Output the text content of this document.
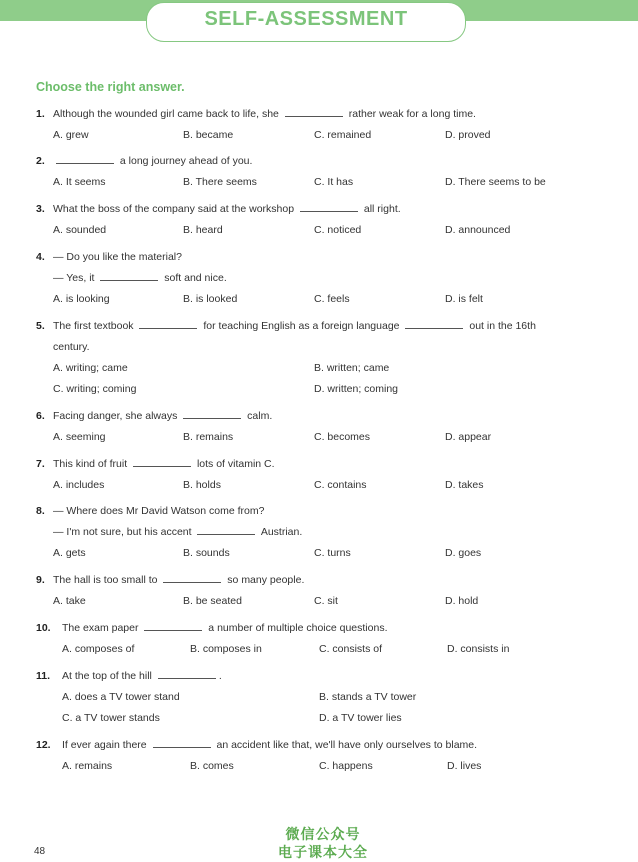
SELF-ASSESSMENT
Choose the right answer.
1. Although the wounded girl came back to life, she	rather weak for a long time.
A. grew	B. became	C. remained	D. proved
2.	a long journey ahead of you.
A. It seems	B. There seems	C. It has	D. There seems to be
3. What the boss of the company said at the workshop	all right.
A. sounded	B. heard	C. noticed	D. announced
4. — Do you like the material?
— Yes, it	soft and nice.
A. is looking	B. is looked	C. feels	D. is felt
5. The first textbook	for teaching English as a foreign language	out in the 16th
century.
A. writing; came	B. written; came
C. writing; coming	D. written; coming
6. Facing danger, she always	calm.
A. seeming	B. remains	C. becomes	D. appear
7. This kind of fruit	lots of vitamin C.
A. includes	B. holds	C. contains	D. takes
8. — Where does Mr David Watson come from?
— I'm not sure, but his accent	Austrian.
A. gets	B. sounds	C. turns	D. goes
9. The hall is too small to	so many people.
A. take	B. be seated	C. sit	D. hold
10. The exam paper	a number of multiple choice questions.
A. composes of	B. composes in	C. consists of	D. consists in
11. At the top of the hill	.
A. does a TV tower stand	B. stands a TV tower
C. a TV tower stands	D. a TV tower lies
12. If ever again there	an accident like that, we'll have only ourselves to blame.
A. remains	B. comes	C. happens	D. lives
48
微信公众号
电子课本大全
